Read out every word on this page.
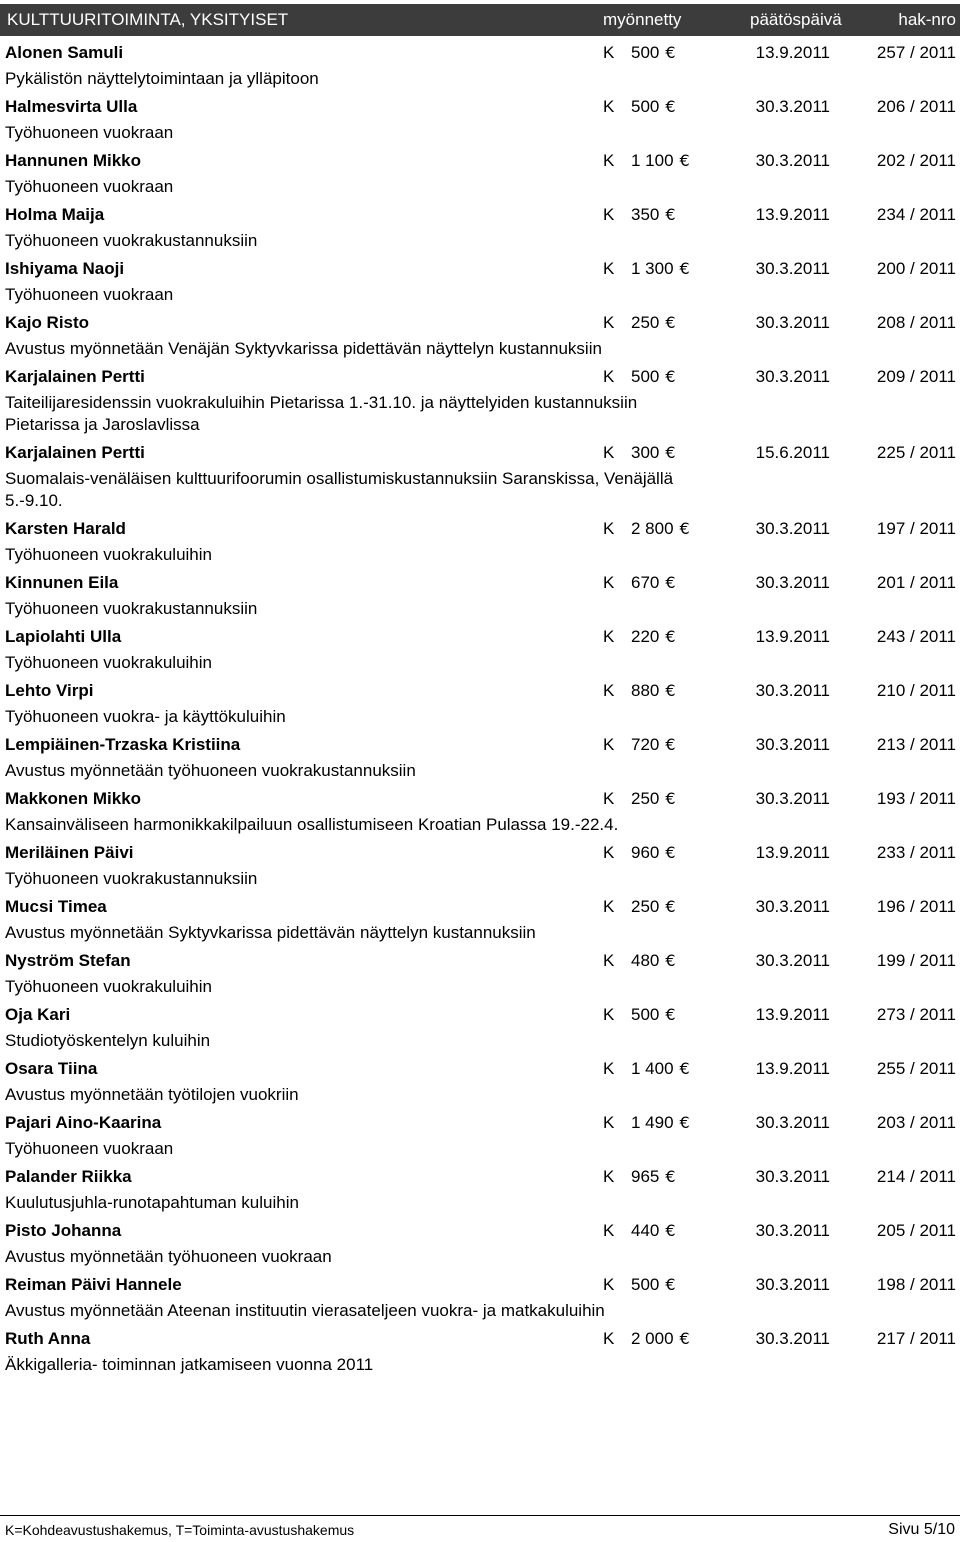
KULTTUURITOIMINTA, YKSITYISET	myönnetty	päätöspäivä	hak-nro
Alonen Samuli	K 500 €	13.9.2011	257 / 2011
Pykälistön näyttelytoimintaan ja ylläpitoon
Halmesvirta Ulla	K 500 €	30.3.2011	206 / 2011
Työhuoneen vuokraan
Hannunen Mikko	K 1 100 €	30.3.2011	202 / 2011
Työhuoneen vuokraan
Holma Maija	K 350 €	13.9.2011	234 / 2011
Työhuoneen vuokrakustannuksiin
Ishiyama Naoji	K 1 300 €	30.3.2011	200 / 2011
Työhuoneen vuokraan
Kajo Risto	K 250 €	30.3.2011	208 / 2011
Avustus myönnetään Venäjän Syktyvkarissa pidettävän näyttelyn kustannuksiin
Karjalainen Pertti	K 500 €	30.3.2011	209 / 2011
Taiteilijaresidenssin vuokrakuluihin Pietarissa 1.-31.10. ja näyttelyiden kustannuksiin Pietarissa ja Jaroslavlissa
Karjalainen Pertti	K 300 €	15.6.2011	225 / 2011
Suomalais-venäläisen kulttuurifoorumin osallistumiskustannuksiin Saranskissa, Venäjällä 5.-9.10.
Karsten Harald	K 2 800 €	30.3.2011	197 / 2011
Työhuoneen vuokrakuluihin
Kinnunen Eila	K 670 €	30.3.2011	201 / 2011
Työhuoneen vuokrakustannuksiin
Lapiolahti Ulla	K 220 €	13.9.2011	243 / 2011
Työhuoneen vuokrakuluihin
Lehto Virpi	K 880 €	30.3.2011	210 / 2011
Työhuoneen vuokra- ja käyttökuluihin
Lempiäinen-Trzaska Kristiina	K 720 €	30.3.2011	213 / 2011
Avustus myönnetään työhuoneen vuokrakustannuksiin
Makkonen Mikko	K 250 €	30.3.2011	193 / 2011
Kansainväliseen harmonikkakilpailuun osallistumiseen Kroatian Pulassa 19.-22.4.
Meriläinen Päivi	K 960 €	13.9.2011	233 / 2011
Työhuoneen vuokrakustannuksiin
Mucsi Timea	K 250 €	30.3.2011	196 / 2011
Avustus myönnetään Syktyvkarissa pidettävän näyttelyn kustannuksiin
Nyström Stefan	K 480 €	30.3.2011	199 / 2011
Työhuoneen vuokrakuluihin
Oja Kari	K 500 €	13.9.2011	273 / 2011
Studiotyöskentelyn kuluihin
Osara Tiina	K 1 400 €	13.9.2011	255 / 2011
Avustus myönnetään työtilojen vuokriin
Pajari Aino-Kaarina	K 1 490 €	30.3.2011	203 / 2011
Työhuoneen vuokraan
Palander Riikka	K 965 €	30.3.2011	214 / 2011
Kuulutusjuhla-runotapahtuman kuluihin
Pisto Johanna	K 440 €	30.3.2011	205 / 2011
Avustus myönnetään työhuoneen vuokraan
Reiman Päivi Hannele	K 500 €	30.3.2011	198 / 2011
Avustus myönnetään Ateenan instituutin vierasateljeen vuokra- ja matkakuluihin
Ruth Anna	K 2 000 €	30.3.2011	217 / 2011
Äkkigalleria- toiminnan jatkamiseen vuonna 2011
K=Kohdeavustushakemus, T=Toiminta-avustushakemus	Sivu 5/10
